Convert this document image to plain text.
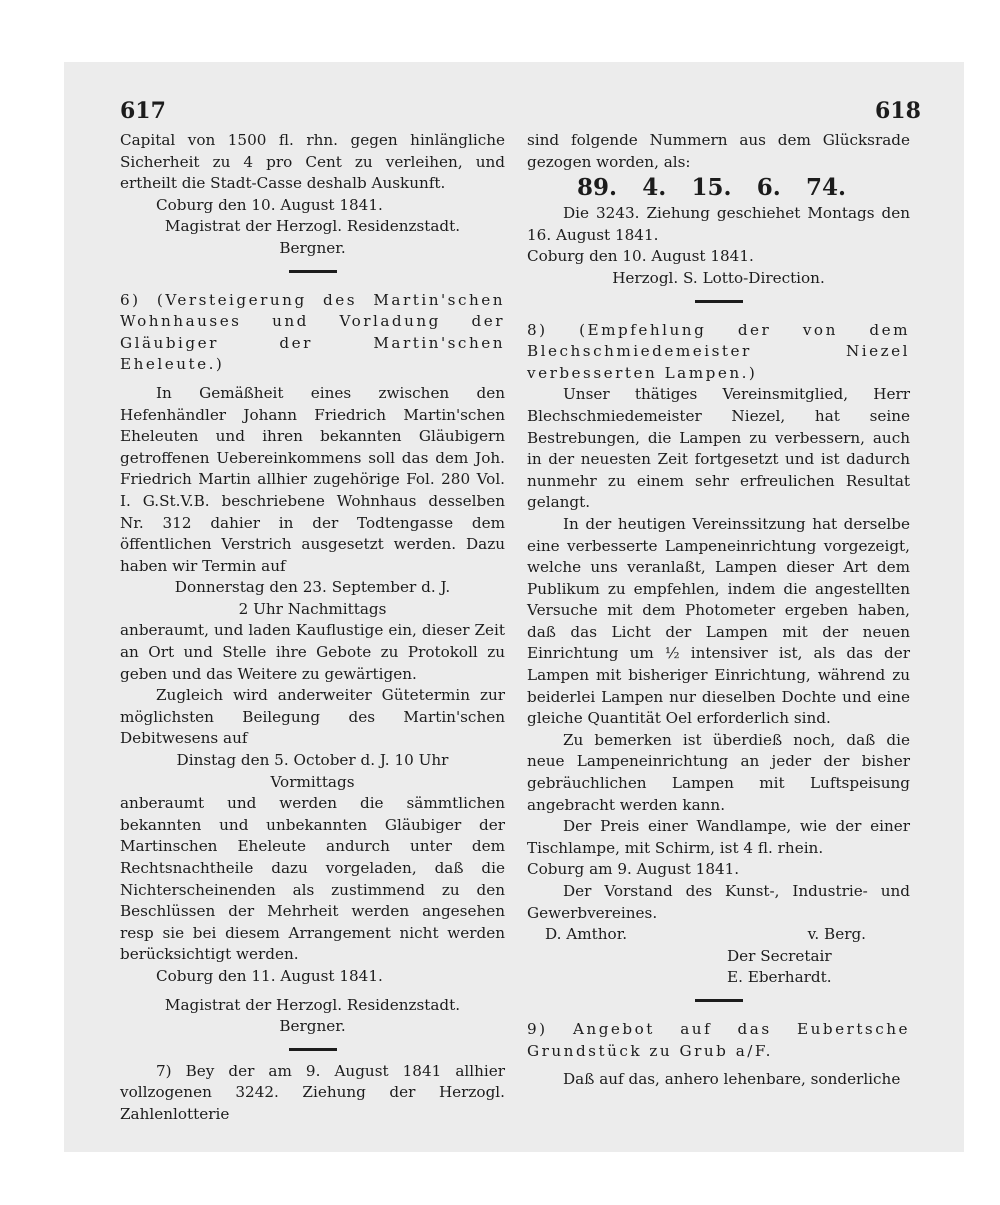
617	618

Capital von 1500 fl. rhn. gegen hinlängliche Sicherheit zu 4 pro Cent zu verleihen, und ertheilt die Stadt-Casse deshalb Auskunft.

Coburg den 10. August 1841.

Magistrat der Herzogl. Residenzstadt.

Bergner.

6) (Versteigerung des Martin'schen Wohnhauses und Vorladung der Gläubiger der Martin'schen Eheleute.)

In Gemäßheit eines zwischen den Hefenhändler Johann Friedrich Martin'schen Eheleuten und ihren bekannten Gläubigern getroffenen Uebereinkommens soll das dem Joh. Friedrich Martin allhier zugehörige Fol. 280 Vol. I. G.St.V.B. beschriebene Wohnhaus desselben Nr. 312 dahier in der Todtengasse dem öffentlichen Verstrich ausgesetzt werden. Dazu haben wir Termin auf

Donnerstag den 23. September d. J.

2 Uhr Nachmittags

anberaumt, und laden Kauflustige ein, dieser Zeit an Ort und Stelle ihre Gebote zu Protokoll zu geben und das Weitere zu gewärtigen.

Zugleich wird anderweiter Gütetermin zur möglichsten Beilegung des Martin'schen Debitwesens auf

Dinstag den 5. October d. J. 10 Uhr

Vormittags

anberaumt und werden die sämmtlichen bekannten und unbekannten Gläubiger der Martinschen Eheleute andurch unter dem Rechtsnachtheile dazu vorgeladen, daß die Nichterscheinenden als zustimmend zu den Beschlüssen der Mehrheit werden angesehen resp sie bei diesem Arrangement nicht werden berücksichtigt werden.

Coburg den 11. August 1841.

Magistrat der Herzogl. Residenzstadt.

Bergner.

7) Bey der am 9. August 1841 allhier vollzogenen 3242. Ziehung der Herzogl. Zahlenlotterie

sind folgende Nummern aus dem Glücksrade gezogen worden, als:

89. 4. 15. 6. 74.

Die 3243. Ziehung geschiehet Montags den 16. August 1841.

Coburg den 10. August 1841.

Herzogl. S. Lotto-Direction.

8) (Empfehlung der von dem Blechschmiedemeister Niezel verbesserten Lampen.)

Unser thätiges Vereinsmitglied, Herr Blechschmiedemeister Niezel, hat seine Bestrebungen, die Lampen zu verbessern, auch in der neuesten Zeit fortgesetzt und ist dadurch nunmehr zu einem sehr erfreulichen Resultat gelangt.

In der heutigen Vereinssitzung hat derselbe eine verbesserte Lampeneinrichtung vorgezeigt, welche uns veranlaßt, Lampen dieser Art dem Publikum zu empfehlen, indem die angestellten Versuche mit dem Photometer ergeben haben, daß das Licht der Lampen mit der neuen Einrichtung um ½ intensiver ist, als das der Lampen mit bisheriger Einrichtung, während zu beiderlei Lampen nur dieselben Dochte und eine gleiche Quantität Oel erforderlich sind.

Zu bemerken ist überdieß noch, daß die neue Lampeneinrichtung an jeder der bisher gebräuchlichen Lampen mit Luftspeisung angebracht werden kann.

Der Preis einer Wandlampe, wie der einer Tischlampe, mit Schirm, ist 4 fl. rhein.

Coburg am 9. August 1841.

Der Vorstand des Kunst-, Industrie- und Gewerbvereines.

D. Amthor.	v. Berg.

Der Secretair

E. Eberhardt.

9) Angebot auf das Eubertsche Grundstück zu Grub a/F.

Daß auf das, anhero lehenbare, sonderliche
